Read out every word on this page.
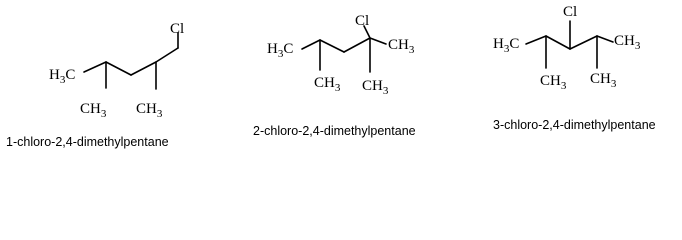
Cl
$H_3C$
$CH_3$ $CH_3$
1-chloro-2,4-dimethylpentane
Cl
$H_3C$	$CH_3$
$CH_3$ $CH_3$
2-chloro-2,4-dimethylpentane
Cl
$H_3C$	$CH_3$
$CH_3$ $CH_3$
3-chloro-2,4-dimethylpentane
